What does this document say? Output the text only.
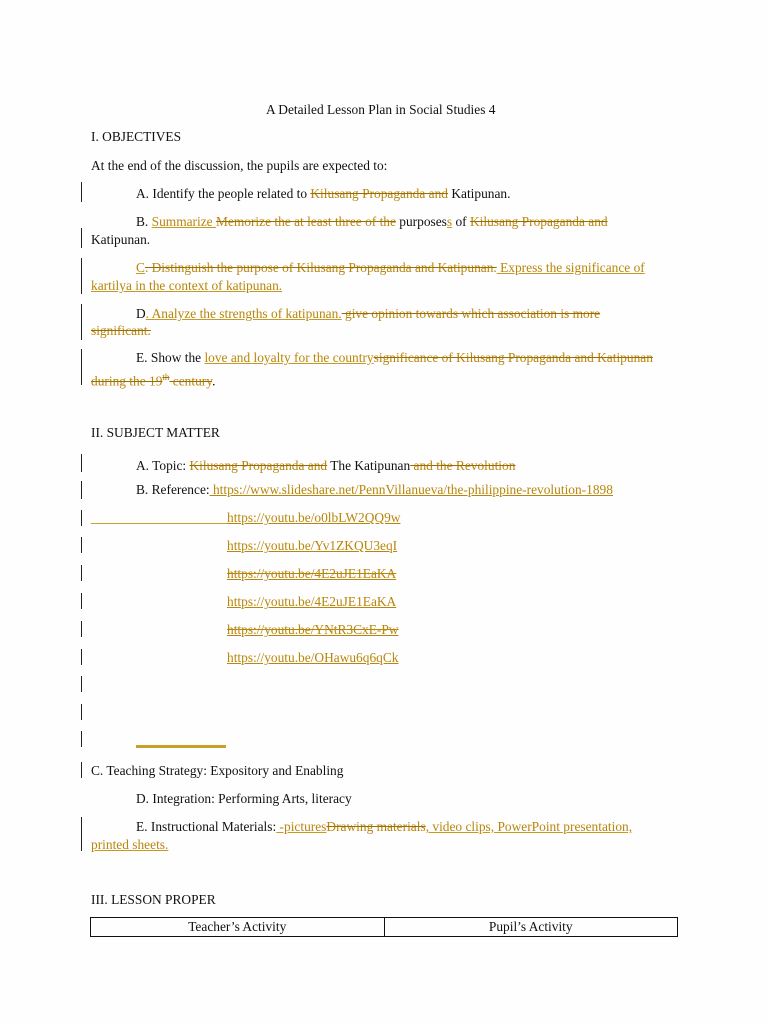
A Detailed Lesson Plan in Social Studies 4
I. OBJECTIVES
At the end of the discussion, the pupils are expected to:
A. Identify the people related to Kilusang Propaganda and Katipunan.
B. Summarize Memorize the at least three of the purposess of Kilusang Propaganda and
Katipunan.
C. Distinguish the purpose of Kilusang Propaganda and Katipunan. Express the significance of
kartilya in the context of katipunan.
D. Analyze the strengths of katipunan. give opinion towards which association is more
significant.
E. Show the love and loyalty for the countrysignificance of Kilusang Propaganda and Katipunan
during the 19th century.
II. SUBJECT MATTER
A. Topic: Kilusang Propaganda and The Katipunan and the Revolution
B. Reference: https://www.slideshare.net/PennVillanueva/the-philippine-revolution-1898
https://youtu.be/o0lbLW2QQ9w
https://youtu.be/Yv1ZKQU3eqI
https://youtu.be/4E2uJE1EaKA
https://youtu.be/4E2uJE1EaKA
https://youtu.be/YNtR3CxE-Pw
https://youtu.be/OHawu6q6qCk
C. Teaching Strategy: Expository and Enabling
D. Integration: Performing Arts, literacy
E. Instructional Materials: -picturesDrawing materials, video clips, PowerPoint presentation,
printed sheets.
III. LESSON PROPER
Teacher’s Activity	Pupil’s Activity
